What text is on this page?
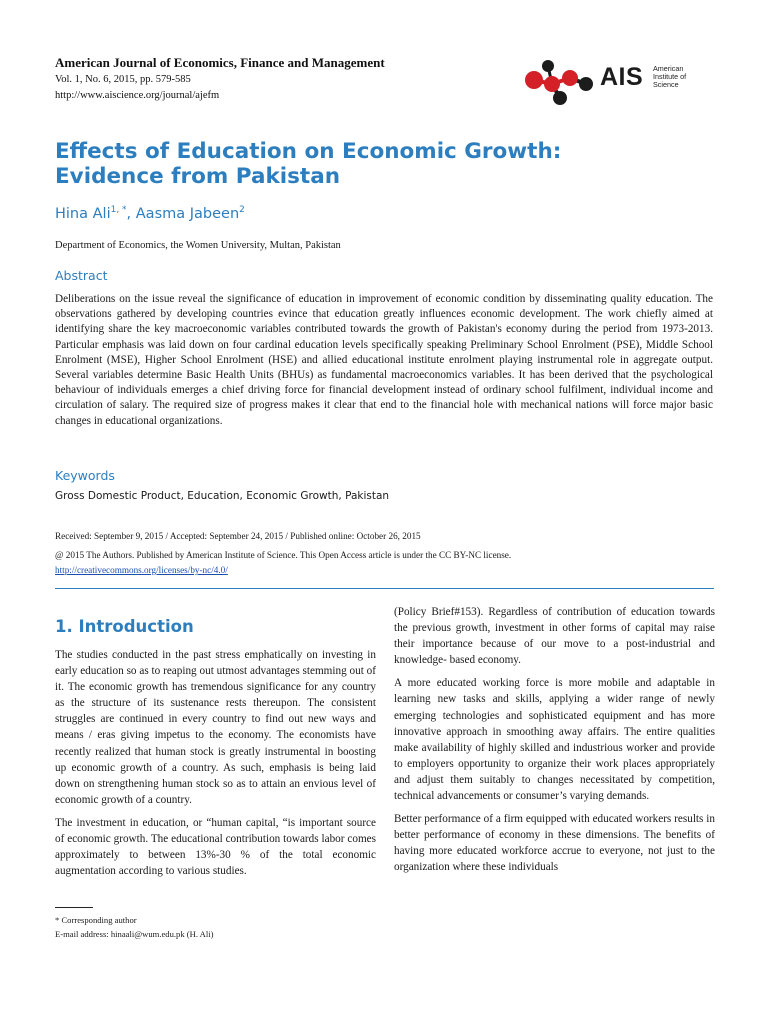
American Journal of Economics, Finance and Management
Vol. 1, No. 6, 2015, pp. 579-585
http://www.aiscience.org/journal/ajefm
AIS American
Institute of
Science
Effects of Education on Economic Growth:
Evidence from Pakistan
Hina Ali$^{1, *}$, Aasma Jabeen$^2$
Department of Economics, the Women University, Multan, Pakistan
Abstract
Deliberations on the issue reveal the significance of education in improvement of economic condition by disseminating quality education. The observations gathered by developing countries evince that education greatly influences economic development. The work chiefly aimed at identifying share the key macroeconomic variables contributed towards the growth of Pakistan's economy during the period from 1973-2013. Particular emphasis was laid down on four cardinal education levels specifically speaking Preliminary School Enrolment (PSE), Middle School Enrolment (MSE), Higher School Enrolment (HSE) and allied educational institute enrolment playing instrumental role in aggregate output. Several variables determine Basic Health Units (BHUs) as fundamental macroeconomics variables. It has been derived that the psychological behaviour of individuals emerges a chief driving force for financial development instead of ordinary school fulfilment, individual income and circulation of salary. The required size of progress makes it clear that end to the financial hole with mechanical nations will force major basic changes in educational organizations.
Keywords
Gross Domestic Product, Education, Economic Growth, Pakistan
Received: September 9, 2015 / Accepted: September 24, 2015 / Published online: October 26, 2015
@ 2015 The Authors. Published by American Institute of Science. This Open Access article is under the CC BY-NC license.
http://creativecommons.org/licenses/by-nc/4.0/

1. Introduction

The studies conducted in the past stress emphatically on investing in early education so as to reaping out utmost advantages stemming out of it. The economic growth has tremendous significance for any country as the structure of its sustenance rests thereupon. The consistent struggles are continued in every country to find out new ways and means / eras giving impetus to the economy. The economists have recently realized that human stock is greatly instrumental in boosting up economic growth of a country. As such, emphasis is being laid down on strengthening human stock so as to attain an envious level of economic growth of a country.

The investment in education, or “human capital, “is important source of economic growth. The educational contribution towards labor comes approximately to between 13%-30 % of the total economic augmentation according to various studies.

(Policy Brief#153). Regardless of contribution of education towards the previous growth, investment in other forms of capital may raise their importance because of our move to a post-industrial and knowledge- based economy.

A more educated working force is more mobile and adaptable in learning new tasks and skills, applying a wider range of newly emerging technologies and sophisticated equipment and has more innovative approach in smoothing away affairs. The entire qualities make availability of highly skilled and industrious worker and provide to employers opportunity to organize their work places appropriately and adjust them suitably to changes necessitated by competition, technical advancements or consumer’s varying demands.

Better performance of a firm equipped with educated workers results in better performance of economy in these dimensions. The benefits of having more educated workforce accrue to everyone, not just to the organization where these individuals

* Corresponding author
E-mail address: hinaali@wum.edu.pk (H. Ali)
